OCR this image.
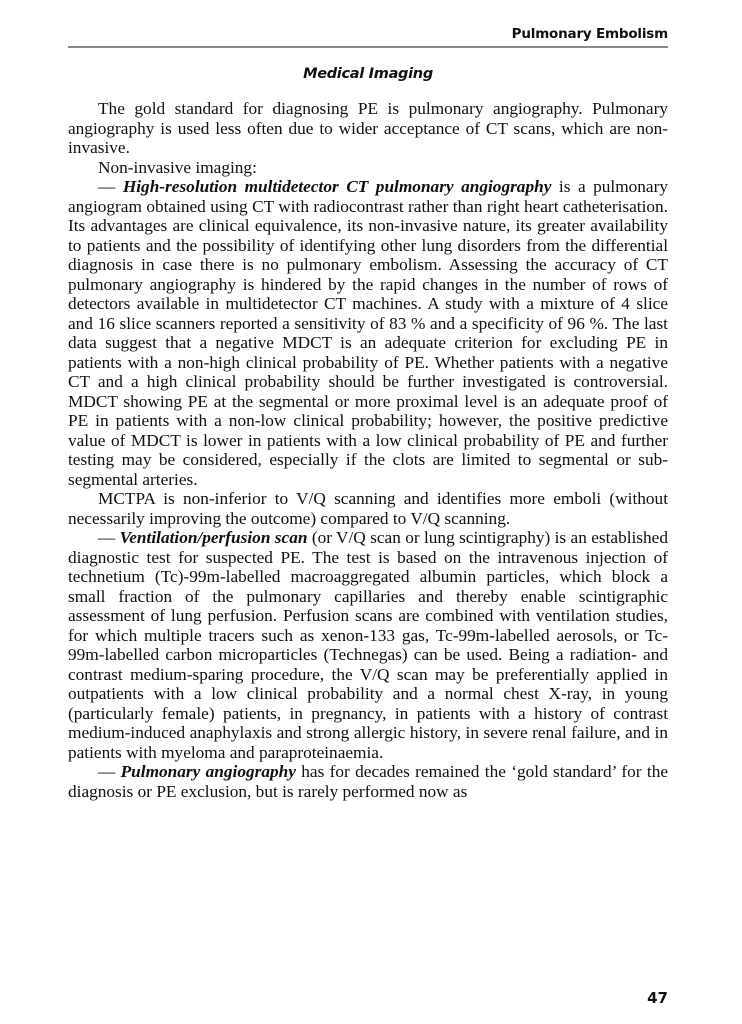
Pulmonary Embolism
Medical Imaging

The gold standard for diagnosing PE is pulmonary angiography. Pulmonary angiography is used less often due to wider acceptance of CT scans, which are non-invasive.

Non-invasive imaging:

— High-resolution multidetector CT pulmonary angiography is a pulmonary angiogram obtained using CT with radiocontrast rather than right heart catheterisation. Its advantages are clinical equivalence, its non-invasive nature, its greater availability to patients and the possibility of identifying other lung disorders from the differential diagnosis in case there is no pulmonary embolism. Assessing the accuracy of CT pulmonary angiography is hindered by the rapid changes in the number of rows of detectors available in multidetector CT machines. A study with a mixture of 4 slice and 16 slice scanners reported a sensitivity of 83 % and a specificity of 96 %. The last data suggest that a negative MDCT is an adequate criterion for excluding PE in patients with a non-high clinical probability of PE. Whether patients with a negative CT and a high clinical probability should be further investigated is controversial. MDCT showing PE at the segmental or more proximal level is an adequate proof of PE in patients with a non-low clinical probability; however, the positive predictive value of MDCT is lower in patients with a low clinical probability of PE and further testing may be considered, especially if the clots are limited to segmental or sub-segmental arteries.

MCTPA is non-inferior to V/Q scanning and identifies more emboli (without necessarily improving the outcome) compared to V/Q scanning.

— Ventilation/perfusion scan (or V/Q scan or lung scintigraphy) is an established diagnostic test for suspected PE. The test is based on the intravenous injection of technetium (Tc)-99m-labelled macroaggregated albumin particles, which block a small fraction of the pulmonary capillaries and thereby enable scintigraphic assessment of lung perfusion. Perfusion scans are combined with ventilation studies, for which multiple tracers such as xenon-133 gas, Tc-99m-labelled aerosols, or Tc-99m-labelled carbon microparticles (Technegas) can be used. Being a radiation- and contrast medium-sparing procedure, the V/Q scan may be preferentially applied in outpatients with a low clinical probability and a normal chest X-ray, in young (particularly female) patients, in pregnancy, in patients with a history of contrast medium-induced anaphylaxis and strong allergic history, in severe renal failure, and in patients with myeloma and paraproteinaemia.

— Pulmonary angiography has for decades remained the ‘gold standard’ for the diagnosis or PE exclusion, but is rarely performed now as

47
